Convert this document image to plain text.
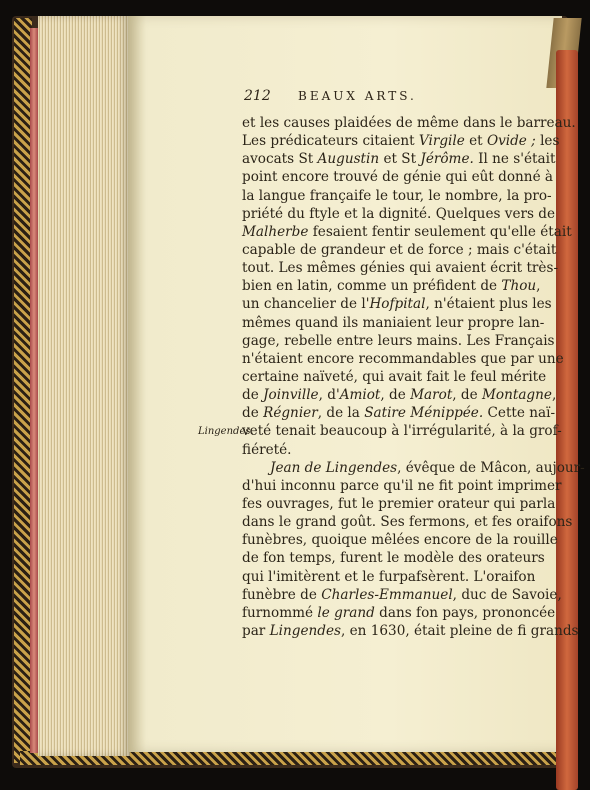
212 BEAUX ARTS.
Lingendes.
et les causes plaidées de même dans le barreau.
Les prédicateurs citaient Virgile et Ovide ; les
avocats St Augustin et St Jérôme. Il ne s'était
point encore trouvé de génie qui eût donné à
la langue françaife le tour, le nombre, la pro-
priété du ftyle et la dignité. Quelques vers de
Malherbe fesaient fentir seulement qu'elle était
capable de grandeur et de force ; mais c'était
tout. Les mêmes génies qui avaient écrit très-
bien en latin, comme un préfident de Thou,
un chancelier de l'Hofpital, n'étaient plus les
mêmes quand ils maniaient leur propre lan-
gage, rebelle entre leurs mains. Les Français
n'étaient encore recommandables que par une
certaine naïveté, qui avait fait le feul mérite
de Joinville, d'Amiot, de Marot, de Montagne,
de Régnier, de la Satire Ménippée. Cette naï-
veté tenait beaucoup à l'irrégularité, à la grof-
fiéreté.
Jean de Lingendes, évêque de Mâcon, aujour-
d'hui inconnu parce qu'il ne fit point imprimer
fes ouvrages, fut le premier orateur qui parla
dans le grand goût. Ses fermons, et fes oraifons
funèbres, quoique mêlées encore de la rouille
de fon temps, furent le modèle des orateurs
qui l'imitèrent et le furpafsèrent. L'oraifon
funèbre de Charles-Emmanuel, duc de Savoie,
furnommé le grand dans fon pays, prononcée
par Lingendes, en 1630, était pleine de fi grands
